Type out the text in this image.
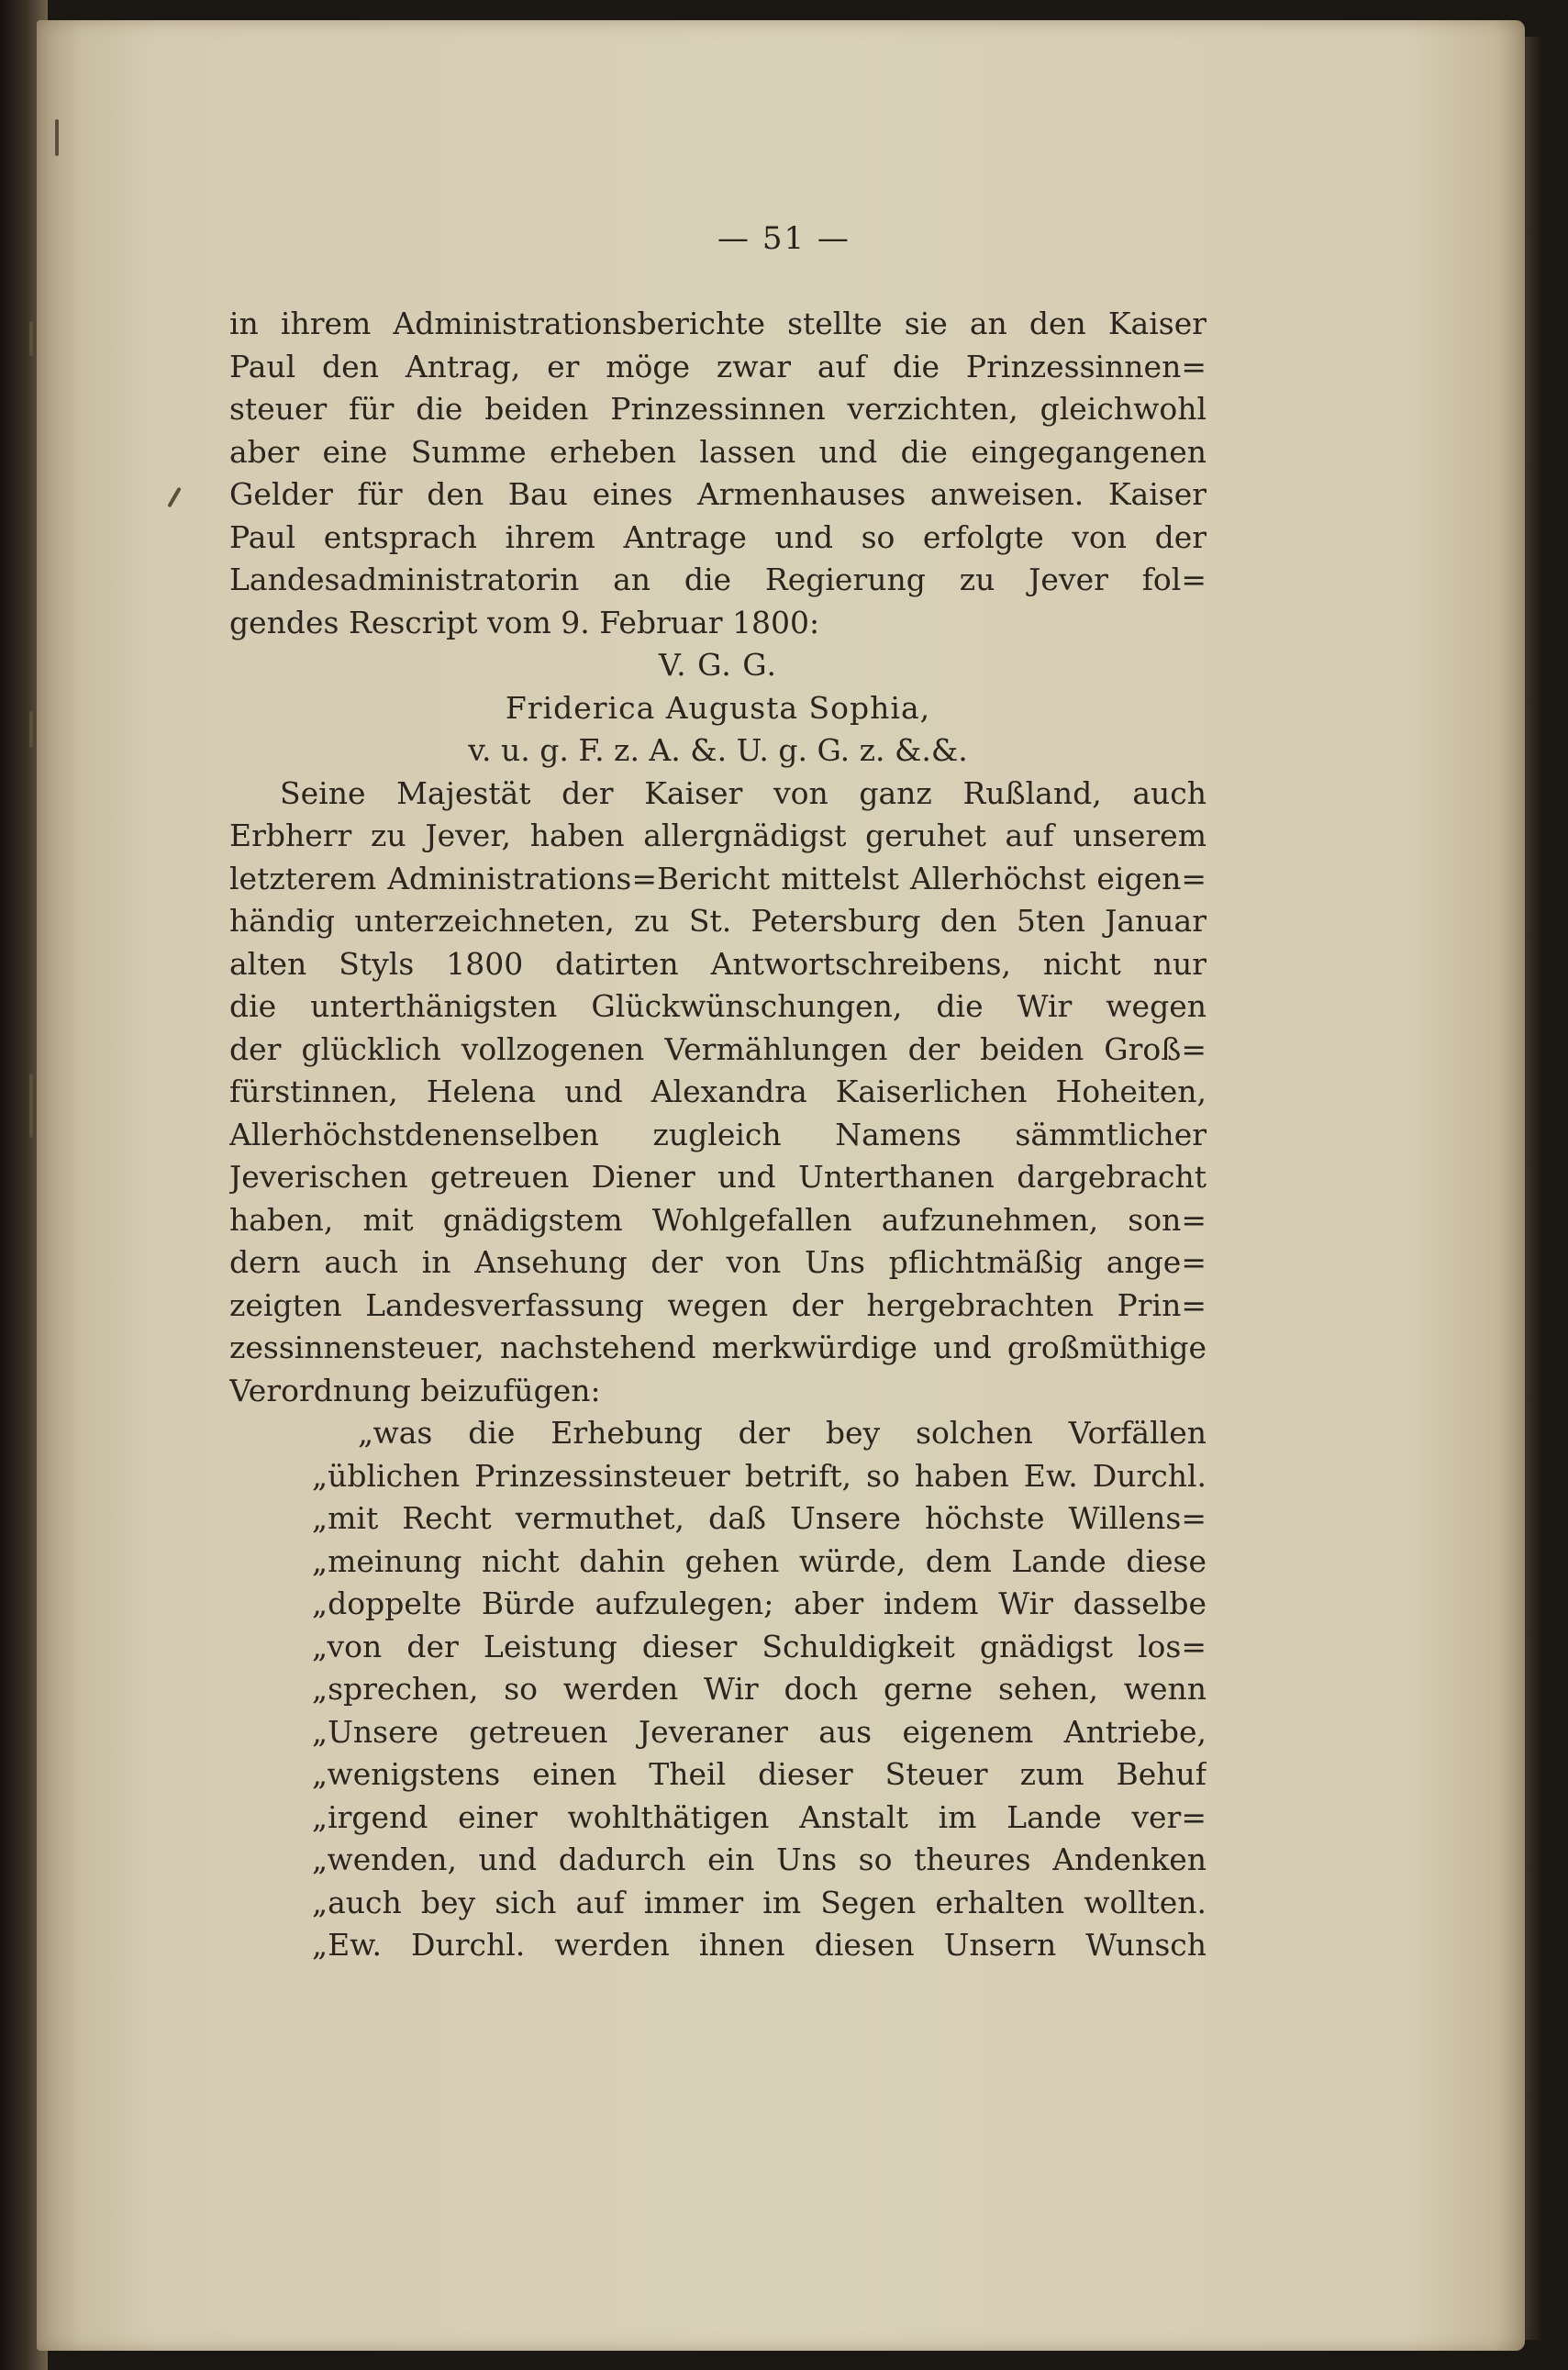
— 51 —
in ihrem Administrationsberichte stellte sie an den Kaiser
Paul den Antrag, er möge zwar auf die Prinzessinnen=
steuer für die beiden Prinzessinnen verzichten, gleichwohl
aber eine Summe erheben lassen und die eingegangenen
Gelder für den Bau eines Armenhauses anweisen. Kaiser
Paul entsprach ihrem Antrage und so erfolgte von der
Landesadministratorin an die Regierung zu Jever fol=
gendes Rescript vom 9. Februar 1800:
V. G. G.
Friderica Augusta Sophia,
v. u. g. F. z. A. &. U. g. G. z. &.&.
Seine Majestät der Kaiser von ganz Rußland, auch
Erbherr zu Jever, haben allergnädigst geruhet auf unserem
letzterem Administrations=Bericht mittelst Allerhöchst eigen=
händig unterzeichneten, zu St. Petersburg den 5ten Januar
alten Styls 1800 datirten Antwortschreibens, nicht nur
die unterthänigsten Glückwünschungen, die Wir wegen
der glücklich vollzogenen Vermählungen der beiden Groß=
fürstinnen, Helena und Alexandra Kaiserlichen Hoheiten,
Allerhöchstdenenselben zugleich Namens sämmtlicher
Jeverischen getreuen Diener und Unterthanen dargebracht
haben, mit gnädigstem Wohlgefallen aufzunehmen, son=
dern auch in Ansehung der von Uns pflichtmäßig ange=
zeigten Landesverfassung wegen der hergebrachten Prin=
zessinnensteuer, nachstehend merkwürdige und großmüthige
Verordnung beizufügen:
„was die Erhebung der bey solchen Vorfällen
„üblichen Prinzessinsteuer betrift, so haben Ew. Durchl.
„mit Recht vermuthet, daß Unsere höchste Willens=
„meinung nicht dahin gehen würde, dem Lande diese
„doppelte Bürde aufzulegen; aber indem Wir dasselbe
„von der Leistung dieser Schuldigkeit gnädigst los=
„sprechen, so werden Wir doch gerne sehen, wenn
„Unsere getreuen Jeveraner aus eigenem Antriebe,
„wenigstens einen Theil dieser Steuer zum Behuf
„irgend einer wohlthätigen Anstalt im Lande ver=
„wenden, und dadurch ein Uns so theures Andenken
„auch bey sich auf immer im Segen erhalten wollten.
„Ew. Durchl. werden ihnen diesen Unsern Wunsch
